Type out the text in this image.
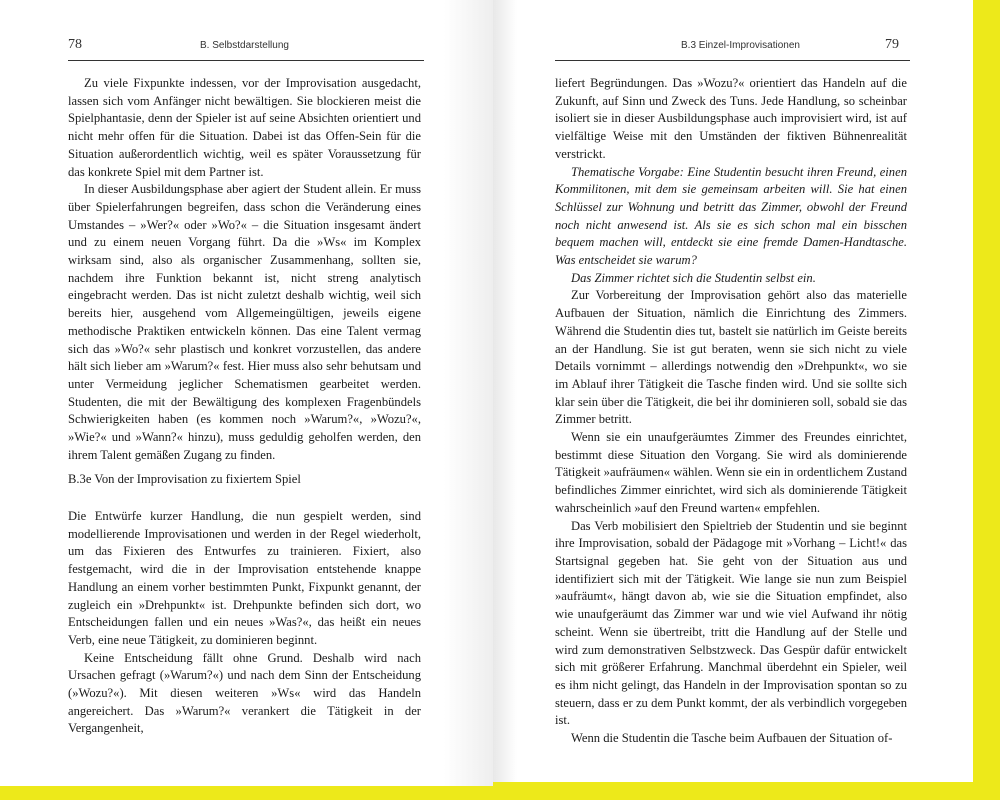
78	B. Selbstdarstellung

Zu viele Fixpunkte indessen, vor der Improvisation ausgedacht, lassen sich vom Anfänger nicht bewältigen. Sie blockieren meist die Spielphantasie, denn der Spieler ist auf seine Absichten orientiert und nicht mehr offen für die Situation. Dabei ist das Offen-Sein für die Situation außerordentlich wichtig, weil es später Voraussetzung für das konkrete Spiel mit dem Partner ist.

In dieser Ausbildungsphase aber agiert der Student allein. Er muss über Spielerfahrungen begreifen, dass schon die Veränderung eines Umstandes – »Wer?« oder »Wo?« – die Situation insgesamt ändert und zu einem neuen Vorgang führt. Da die »Ws« im Komplex wirksam sind, also als organischer Zusammenhang, sollten sie, nachdem ihre Funktion bekannt ist, nicht streng analytisch eingebracht werden. Das ist nicht zuletzt deshalb wichtig, weil sich bereits hier, ausgehend vom Allgemeingültigen, jeweils eigene methodische Praktiken entwickeln können. Das eine Talent vermag sich das »Wo?« sehr plastisch und konkret vorzustellen, das andere hält sich lieber am »Warum?« fest. Hier muss also sehr behutsam und unter Vermeidung jeglicher Schematismen gearbeitet werden. Studenten, die mit der Bewältigung des komplexen Fragenbündels Schwierigkeiten haben (es kommen noch »Warum?«, »Wozu?«, »Wie?« und »Wann?« hinzu), muss geduldig geholfen werden, den ihrem Talent gemäßen Zugang zu finden.

B.3e Von der Improvisation zu fixiertem Spiel

Die Entwürfe kurzer Handlung, die nun gespielt werden, sind modellierende Improvisationen und werden in der Regel wiederholt, um das Fixieren des Entwurfes zu trainieren. Fixiert, also festgemacht, wird die in der Improvisation entstehende knappe Handlung an einem vorher bestimmten Punkt, Fixpunkt genannt, der zugleich ein »Drehpunkt« ist. Drehpunkte befinden sich dort, wo Entscheidungen fallen und ein neues »Was?«, das heißt ein neues Verb, eine neue Tätigkeit, zu dominieren beginnt.

Keine Entscheidung fällt ohne Grund. Deshalb wird nach Ursachen gefragt (»Warum?«) und nach dem Sinn der Entscheidung (»Wozu?«). Mit diesen weiteren »Ws« wird das Handeln angereichert. Das »Warum?« verankert die Tätigkeit in der Vergangenheit,

B.3 Einzel-Improvisationen	79

liefert Begründungen. Das »Wozu?« orientiert das Handeln auf die Zukunft, auf Sinn und Zweck des Tuns. Jede Handlung, so scheinbar isoliert sie in dieser Ausbildungsphase auch improvisiert wird, ist auf vielfältige Weise mit den Umständen der fiktiven Bühnenrealität verstrickt.

Thematische Vorgabe: Eine Studentin besucht ihren Freund, einen Kommilitonen, mit dem sie gemeinsam arbeiten will. Sie hat einen Schlüssel zur Wohnung und betritt das Zimmer, obwohl der Freund noch nicht anwesend ist. Als sie es sich schon mal ein bisschen bequem machen will, entdeckt sie eine fremde Damen-Handtasche. Was entscheidet sie warum?

Das Zimmer richtet sich die Studentin selbst ein.

Zur Vorbereitung der Improvisation gehört also das materielle Aufbauen der Situation, nämlich die Einrichtung des Zimmers. Während die Studentin dies tut, bastelt sie natürlich im Geiste bereits an der Handlung. Sie ist gut beraten, wenn sie sich nicht zu viele Details vornimmt – allerdings notwendig den »Drehpunkt«, wo sie im Ablauf ihrer Tätigkeit die Tasche finden wird. Und sie sollte sich klar sein über die Tätigkeit, die bei ihr dominieren soll, sobald sie das Zimmer betritt.

Wenn sie ein unaufgeräumtes Zimmer des Freundes einrichtet, bestimmt diese Situation den Vorgang. Sie wird als dominierende Tätigkeit »aufräumen« wählen. Wenn sie ein in ordentlichem Zustand befindliches Zimmer einrichtet, wird sich als dominierende Tätigkeit wahrscheinlich »auf den Freund warten« empfehlen.

Das Verb mobilisiert den Spieltrieb der Studentin und sie beginnt ihre Improvisation, sobald der Pädagoge mit »Vorhang – Licht!« das Startsignal gegeben hat. Sie geht von der Situation aus und identifiziert sich mit der Tätigkeit. Wie lange sie nun zum Beispiel »aufräumt«, hängt davon ab, wie sie die Situation empfindet, also wie unaufgeräumt das Zimmer war und wie viel Aufwand ihr nötig scheint. Wenn sie übertreibt, tritt die Handlung auf der Stelle und wird zum demonstrativen Selbstzweck. Das Gespür dafür entwickelt sich mit größerer Erfahrung. Manchmal überdehnt ein Spieler, weil es ihm nicht gelingt, das Handeln in der Improvisation spontan so zu steuern, dass er zu dem Punkt kommt, der als verbindlich vorgegeben ist.

Wenn die Studentin die Tasche beim Aufbauen der Situation of-
